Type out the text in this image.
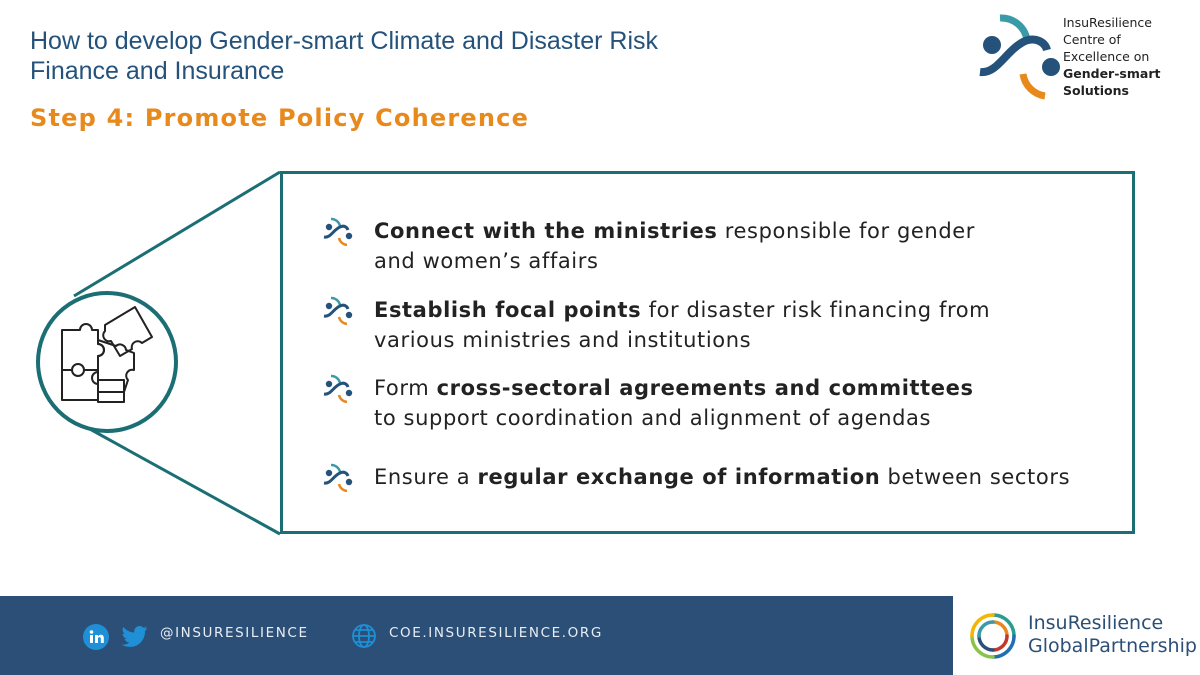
How to develop Gender-smart Climate and Disaster Risk
Finance and Insurance
Step 4: Promote Policy Coherence
InsuResilience
Centre of
Excellence on
Gender-smart
Solutions
Connect with the ministries responsible for gender
and women’s affairs
Establish focal points for disaster risk financing from
various ministries and institutions
Form cross-sectoral agreements and committees
to support coordination and alignment of agendas
Ensure a regular exchange of information between sectors
@INSURESILIENCE	COE.INSURESILIENCE.ORG	InsuResilience
GlobalPartnership
